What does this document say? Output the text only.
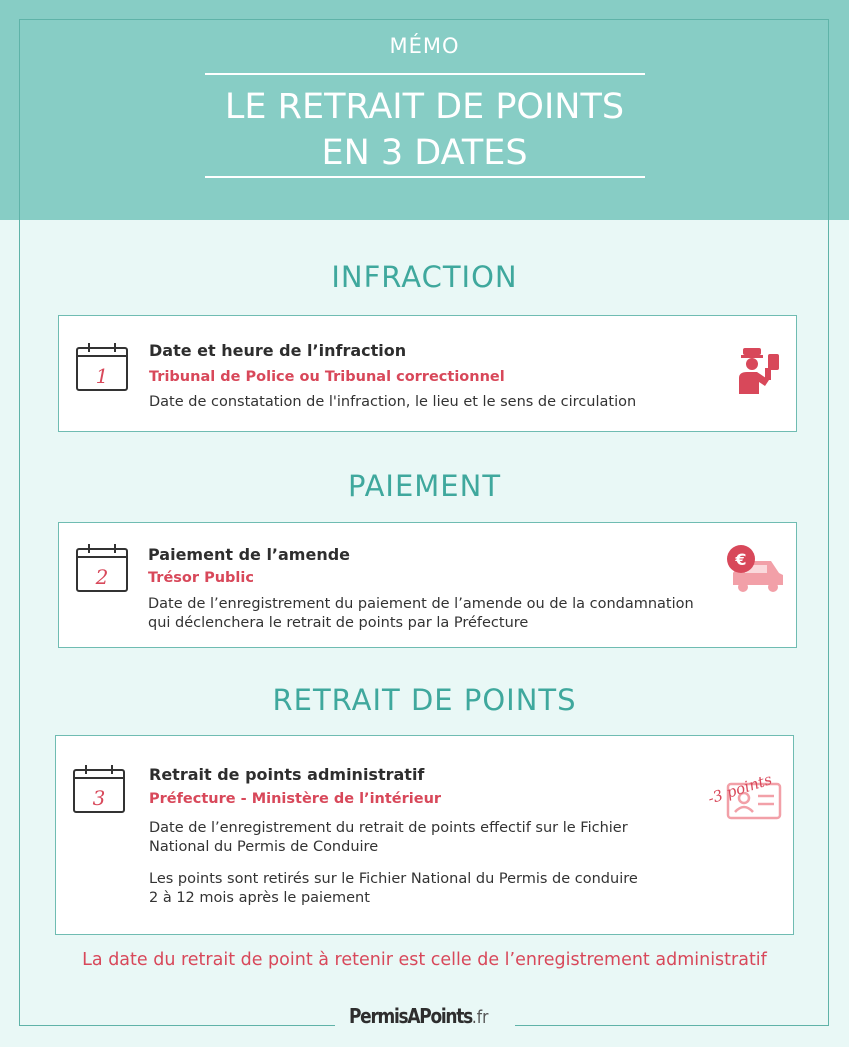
MÉMO
LE RETRAIT DE POINTS
EN 3 DATES
INFRACTION
1
Date et heure de l’infraction
Tribunal de Police ou Tribunal correctionnel
Date de constatation de l'infraction, le lieu et le sens de circulation
PAIEMENT
2
Paiement de l’amende
Trésor Public
Date de l’enregistrement du paiement de l’amende ou de la condamnation
qui déclenchera le retrait de points par la Préfecture
€
RETRAIT DE POINTS
3
Retrait de points administratif
Préfecture - Ministère de l’intérieur
Date de l’enregistrement du retrait de points effectif sur le Fichier
National du Permis de Conduire
Les points sont retirés sur le Fichier National du Permis de conduire
2 à 12 mois après le paiement
-3 points
La date du retrait de point à retenir est celle de l’enregistrement administratif
PermisAPoints.fr
